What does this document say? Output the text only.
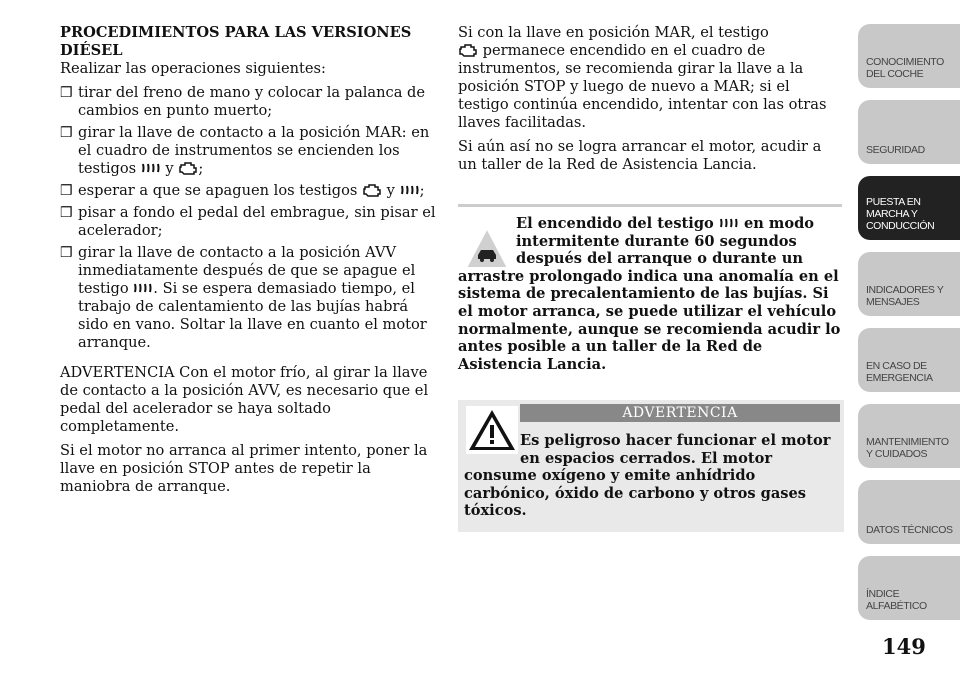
PROCEDIMIENTOS PARA LAS VERSIONES DIÉSEL

Realizar las operaciones siguientes:

❒ tirar del freno de mano y colocar la palanca de cambios en punto muerto;
❒ girar la llave de contacto a la posición MAR: en el cuadro de instrumentos se encienden los testigos
y
;
❒ esperar a que se apaguen los testigos
y
;
❒ pisar a fondo el pedal del embrague, sin pisar el acelerador;
❒ girar la llave de contacto a la posición AVV inmediatamente después de que se apague el testigo
. Si se espera demasiado tiempo, el trabajo de calentamiento de las bujías habrá sido en vano. Soltar la llave en cuanto el motor arranque.

ADVERTENCIA Con el motor frío, al girar la llave de contacto a la posición AVV, es necesario que el pedal del acelerador se haya soltado completamente.

Si el motor no arranca al primer intento, poner la llave en posición STOP antes de repetir la maniobra de arranque.

Si con la llave en posición MAR, el testigo

permanece encendido en el cuadro de instrumentos, se recomienda girar la llave a la posición STOP y luego de nuevo a MAR; si el testigo continúa encendido, intentar con las otras llaves facilitadas.

Si aún así no se logra arrancar el motor, acudir a un taller de la Red de Asistencia Lancia.

El encendido del testigo
en modo intermitente durante 60 segundos después del arranque o durante un
arrastre prolongado indica una anomalía en el sistema de precalentamiento de las bujías. Si el motor arranca, se puede utilizar el vehículo normalmente, aunque se recomienda acudir lo antes posible a un taller de la Red de Asistencia Lancia.
ADVERTENCIA
Es peligroso hacer funcionar el motor en espacios cerrados. El motor
consume oxígeno y emite anhídrido carbónico, óxido de carbono y otros gases tóxicos.
CONOCIMIENTO DEL COCHE
SEGURIDAD
PUESTA EN MARCHA Y CONDUCCIÓN
INDICADORES Y MENSAJES
EN CASO DE EMERGENCIA
MANTENIMIENTO Y CUIDADOS
DATOS TÉCNICOS
ÍNDICE ALFABÉTICO
149
